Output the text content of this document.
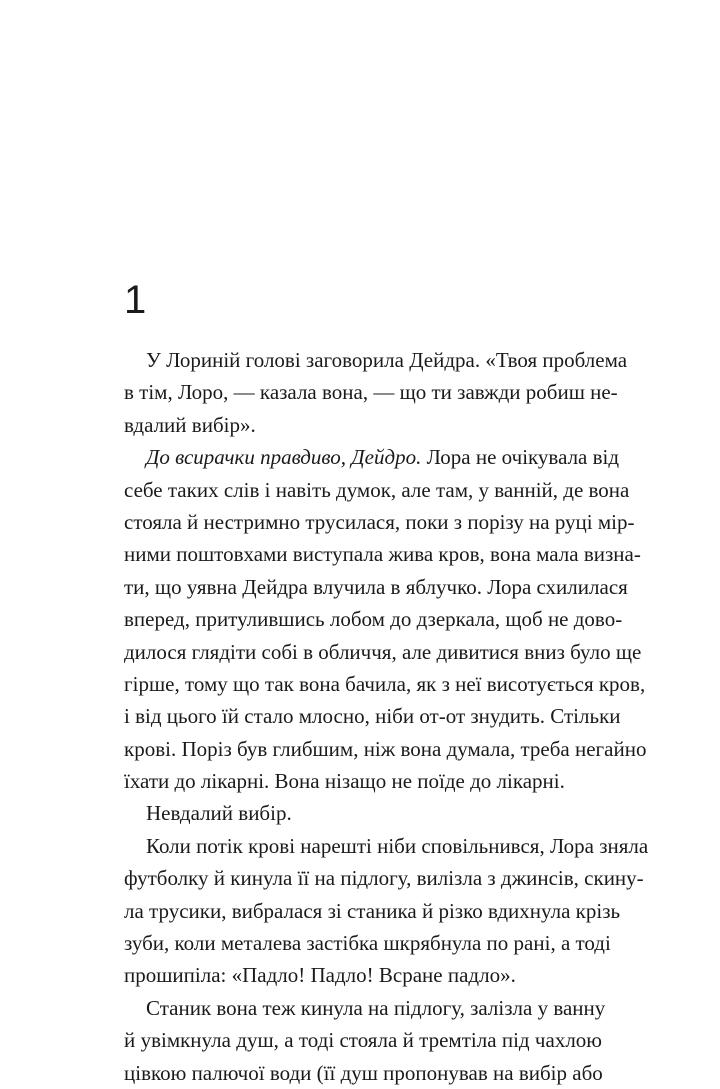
1
У Лориній голові заговорила Дейдра. «Твоя проблема
в тім, Лоро, — казала вона, — що ти завжди робиш не-
вдалий вибір».
До всирачки правдиво, Дейдро. Лора не очікувала від
себе таких слів і навіть думок, але там, у ванній, де вона
стояла й нестримно трусилася, поки з порізу на руці мір-
ними поштовхами виступала жива кров, вона мала визна-
ти, що уявна Дейдра влучила в яблучко. Лора схилилася
вперед, притулившись лобом до дзеркала, щоб не дово-
дилося глядіти собі в обличчя, але дивитися вниз було ще
гірше, тому що так вона бачила, як з неї висотується кров,
і від цього їй стало млосно, ніби от-от знудить. Стільки
крові. Поріз був глибшим, ніж вона думала, треба негайно
їхати до лікарні. Вона нізащо не поїде до лікарні.
Невдалий вибір.
Коли потік крові нарешті ніби сповільнився, Лора зняла
футболку й кинула її на підлогу, вилізла з джинсів, скину-
ла трусики, вибралася зі станика й різко вдихнула крізь
зуби, коли металева застібка шкрябнула по рані, а тоді
прошипіла: «Падло! Падло! Всране падло».
Станик вона теж кинула на підлогу, залізла у ванну
й увімкнула душ, а тоді стояла й тремтіла під чахлою
цівкою палючої води (її душ пропонував на вибір або
